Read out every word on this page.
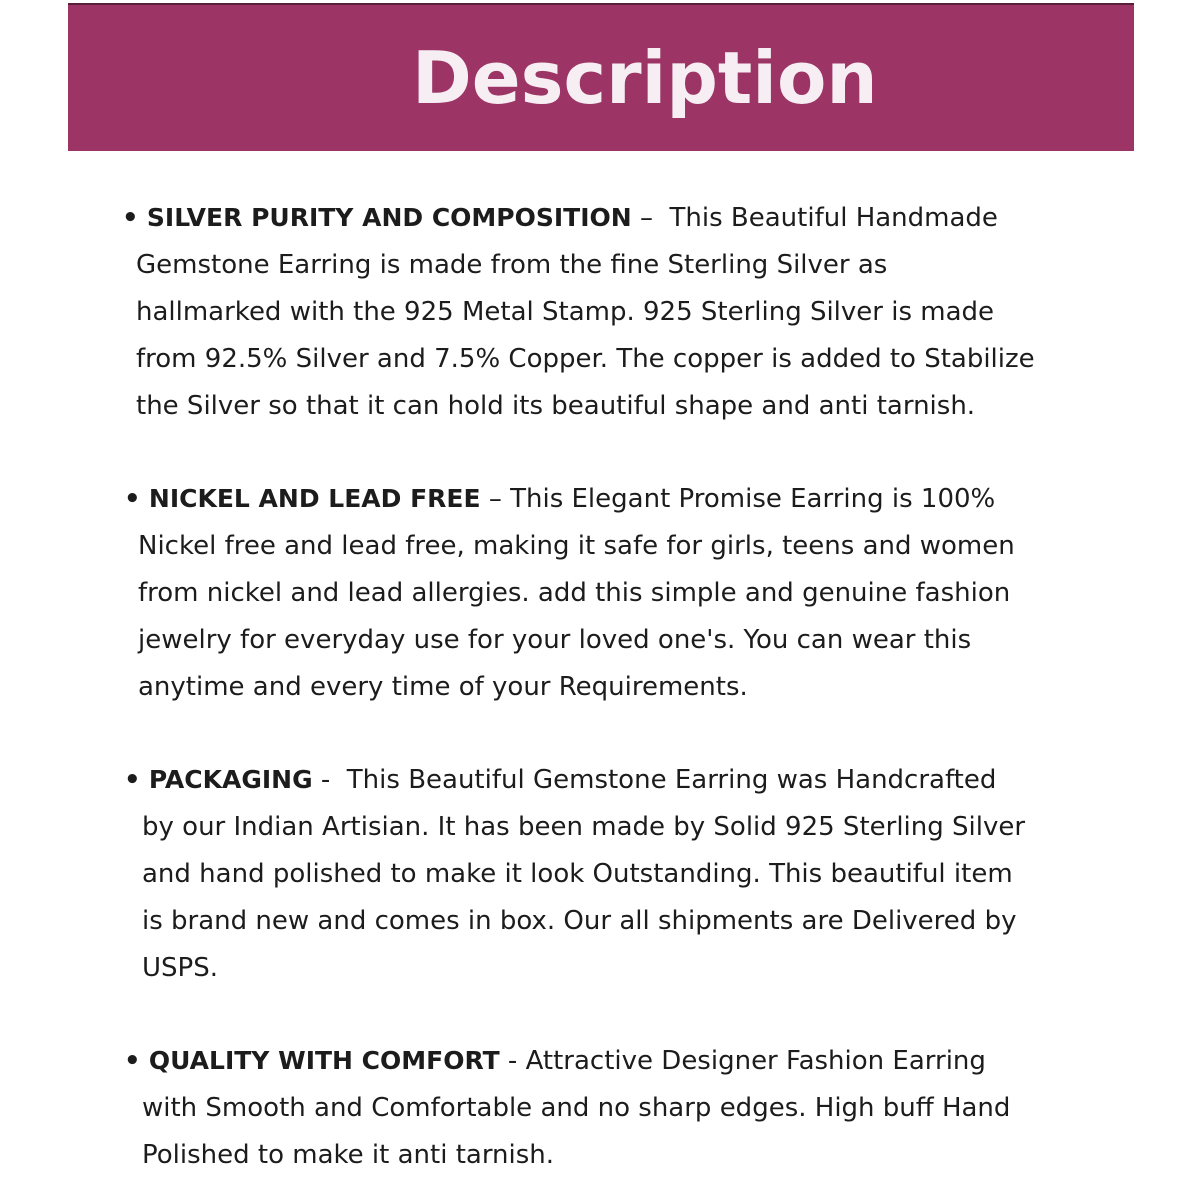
Description
• SILVER PURITY AND COMPOSITION –  This Beautiful Handmade
Gemstone Earring is made from the fine Sterling Silver as
hallmarked with the 925 Metal Stamp. 925 Sterling Silver is made
from 92.5% Silver and 7.5% Copper. The copper is added to Stabilize
the Silver so that it can hold its beautiful shape and anti tarnish.
• NICKEL AND LEAD FREE – This Elegant Promise Earring is 100%
Nickel free and lead free, making it safe for girls, teens and women
from nickel and lead allergies. add this simple and genuine fashion
jewelry for everyday use for your loved one's. You can wear this
anytime and every time of your Requirements.
• PACKAGING -  This Beautiful Gemstone Earring was Handcrafted
by our Indian Artisian. It has been made by Solid 925 Sterling Silver
and hand polished to make it look Outstanding. This beautiful item
is brand new and comes in box. Our all shipments are Delivered by
USPS.
• QUALITY WITH COMFORT - Attractive Designer Fashion Earring
with Smooth and Comfortable and no sharp edges. High buff Hand
Polished to make it anti tarnish.
